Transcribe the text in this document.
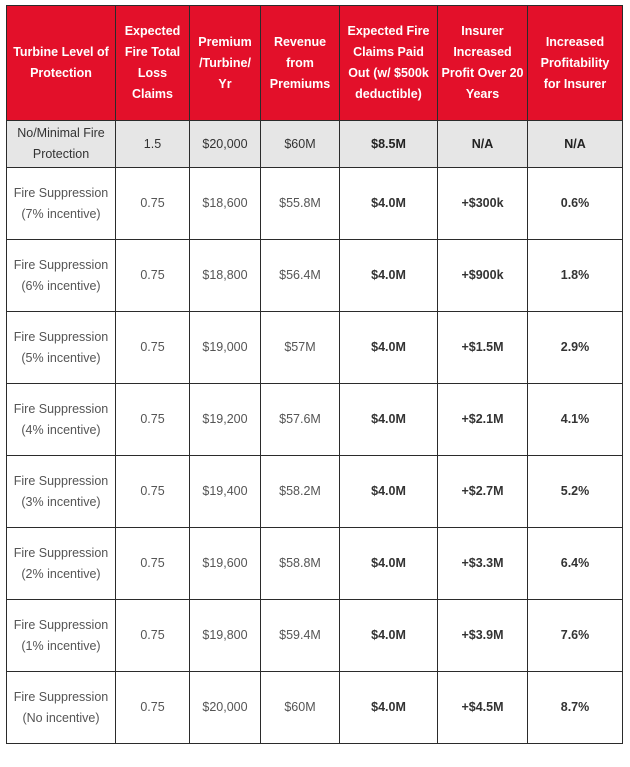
Turbine Level of Protection	Expected Fire Total Loss Claims	Premium /Turbine/ Yr	Revenue from Premiums	Expected Fire Claims Paid Out (w/ $500k deductible)	Insurer Increased Profit Over 20 Years	Increased Profitability for Insurer
No/Minimal Fire Protection	1.5	$20,000	$60M	$8.5M	N/A	N/A
Fire Suppression (7% incentive)	0.75	$18,600	$55.8M	$4.0M	+$300k	0.6%
Fire Suppression (6% incentive)	0.75	$18,800	$56.4M	$4.0M	+$900k	1.8%
Fire Suppression (5% incentive)	0.75	$19,000	$57M	$4.0M	+$1.5M	2.9%
Fire Suppression (4% incentive)	0.75	$19,200	$57.6M	$4.0M	+$2.1M	4.1%
Fire Suppression (3% incentive)	0.75	$19,400	$58.2M	$4.0M	+$2.7M	5.2%
Fire Suppression (2% incentive)	0.75	$19,600	$58.8M	$4.0M	+$3.3M	6.4%
Fire Suppression (1% incentive)	0.75	$19,800	$59.4M	$4.0M	+$3.9M	7.6%
Fire Suppression (No incentive)	0.75	$20,000	$60M	$4.0M	+$4.5M	8.7%
